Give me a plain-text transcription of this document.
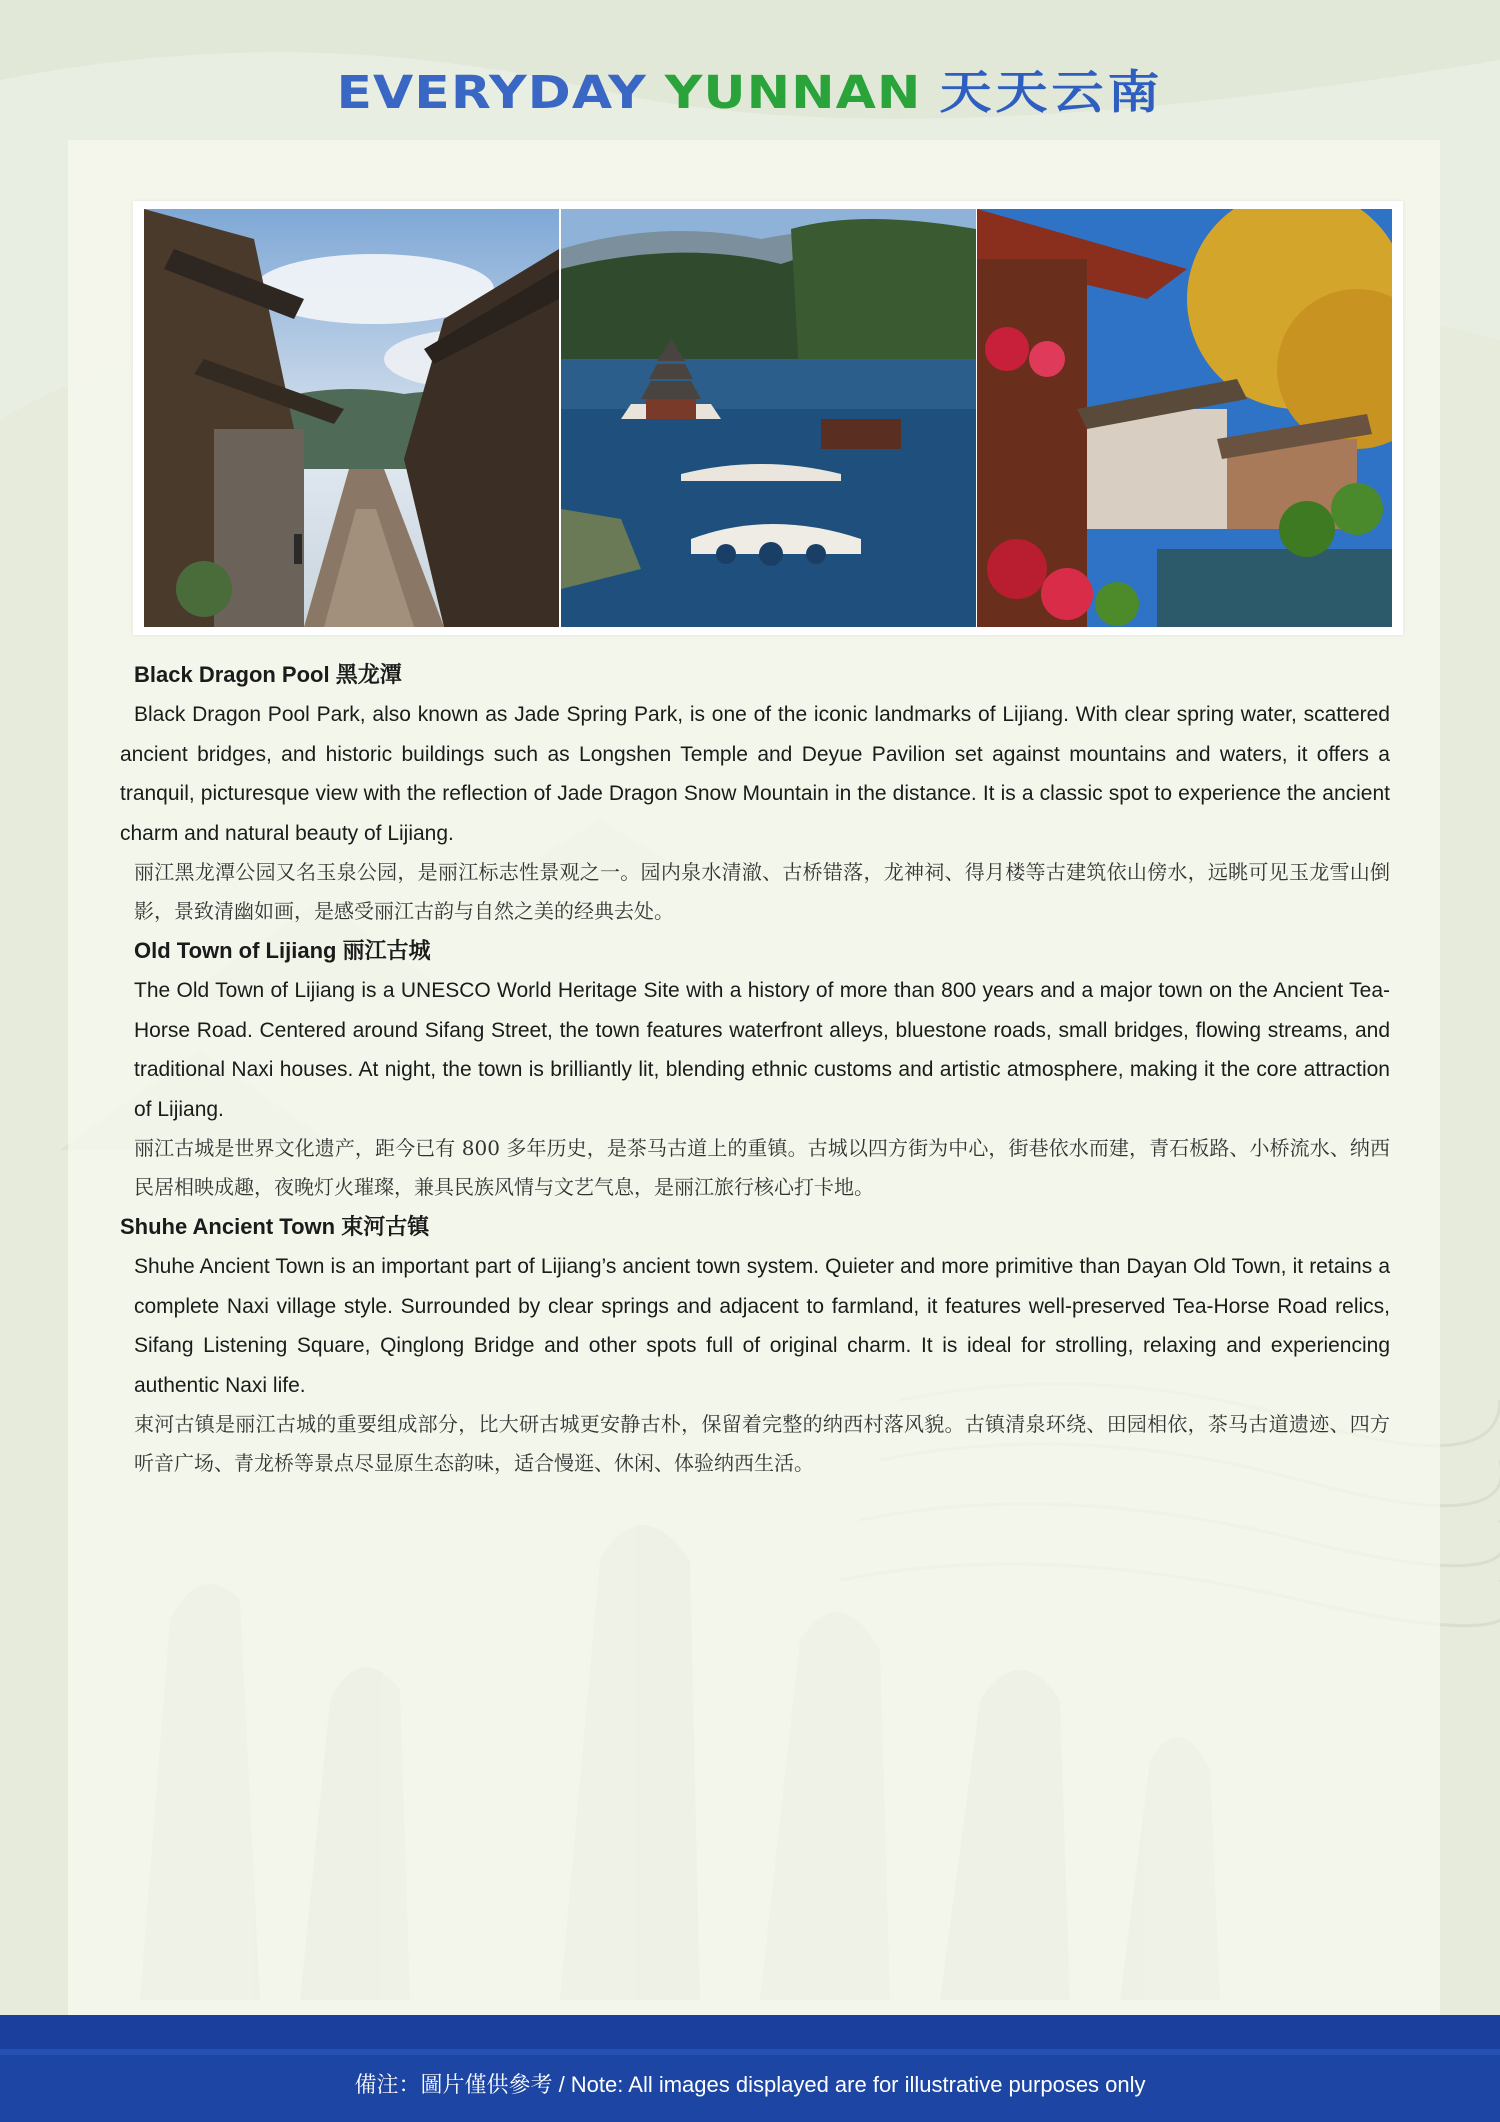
EVERYDAY YUNNAN 天天云南

Black Dragon Pool 黑龙潭

Black Dragon Pool Park, also known as Jade Spring Park, is one of the iconic landmarks of Lijiang. With clear spring water, scattered ancient bridges, and historic buildings such as Longshen Temple and Deyue Pavilion set against mountains and waters, it offers a tranquil, picturesque view with the reflection of Jade Dragon Snow Mountain in the distance. It is a classic spot to experience the ancient charm and natural beauty of Lijiang.

丽江黑龙潭公园又名玉泉公园，是丽江标志性景观之一。园内泉水清澈、古桥错落，龙神祠、得月楼等古建筑依山傍水，远眺可见玉龙雪山倒影，景致清幽如画，是感受丽江古韵与自然之美的经典去处。

Old Town of Lijiang 丽江古城

The Old Town of Lijiang is a UNESCO World Heritage Site with a history of more than 800 years and a major town on the Ancient Tea-Horse Road. Centered around Sifang Street, the town features waterfront alleys, bluestone roads, small bridges, flowing streams, and traditional Naxi houses. At night, the town is brilliantly lit, blending ethnic customs and artistic atmosphere, making it the core attraction of Lijiang.

丽江古城是世界文化遗产，距今已有 800 多年历史，是茶马古道上的重镇。古城以四方街为中心，街巷依水而建，青石板路、小桥流水、纳西民居相映成趣，夜晚灯火璀璨，兼具民族风情与文艺气息，是丽江旅行核心打卡地。

Shuhe Ancient Town 束河古镇

Shuhe Ancient Town is an important part of Lijiang’s ancient town system. Quieter and more primitive than Dayan Old Town, it retains a complete Naxi village style. Surrounded by clear springs and adjacent to farmland, it features well-preserved Tea-Horse Road relics, Sifang Listening Square, Qinglong Bridge and other spots full of original charm. It is ideal for strolling, relaxing and experiencing authentic Naxi life.

束河古镇是丽江古城的重要组成部分，比大研古城更安静古朴，保留着完整的纳西村落风貌。古镇清泉环绕、田园相依，茶马古道遗迹、四方听音广场、青龙桥等景点尽显原生态韵味，适合慢逛、休闲、体验纳西生活。

備注：圖片僅供參考 / Note: All images displayed are for illustrative purposes only
